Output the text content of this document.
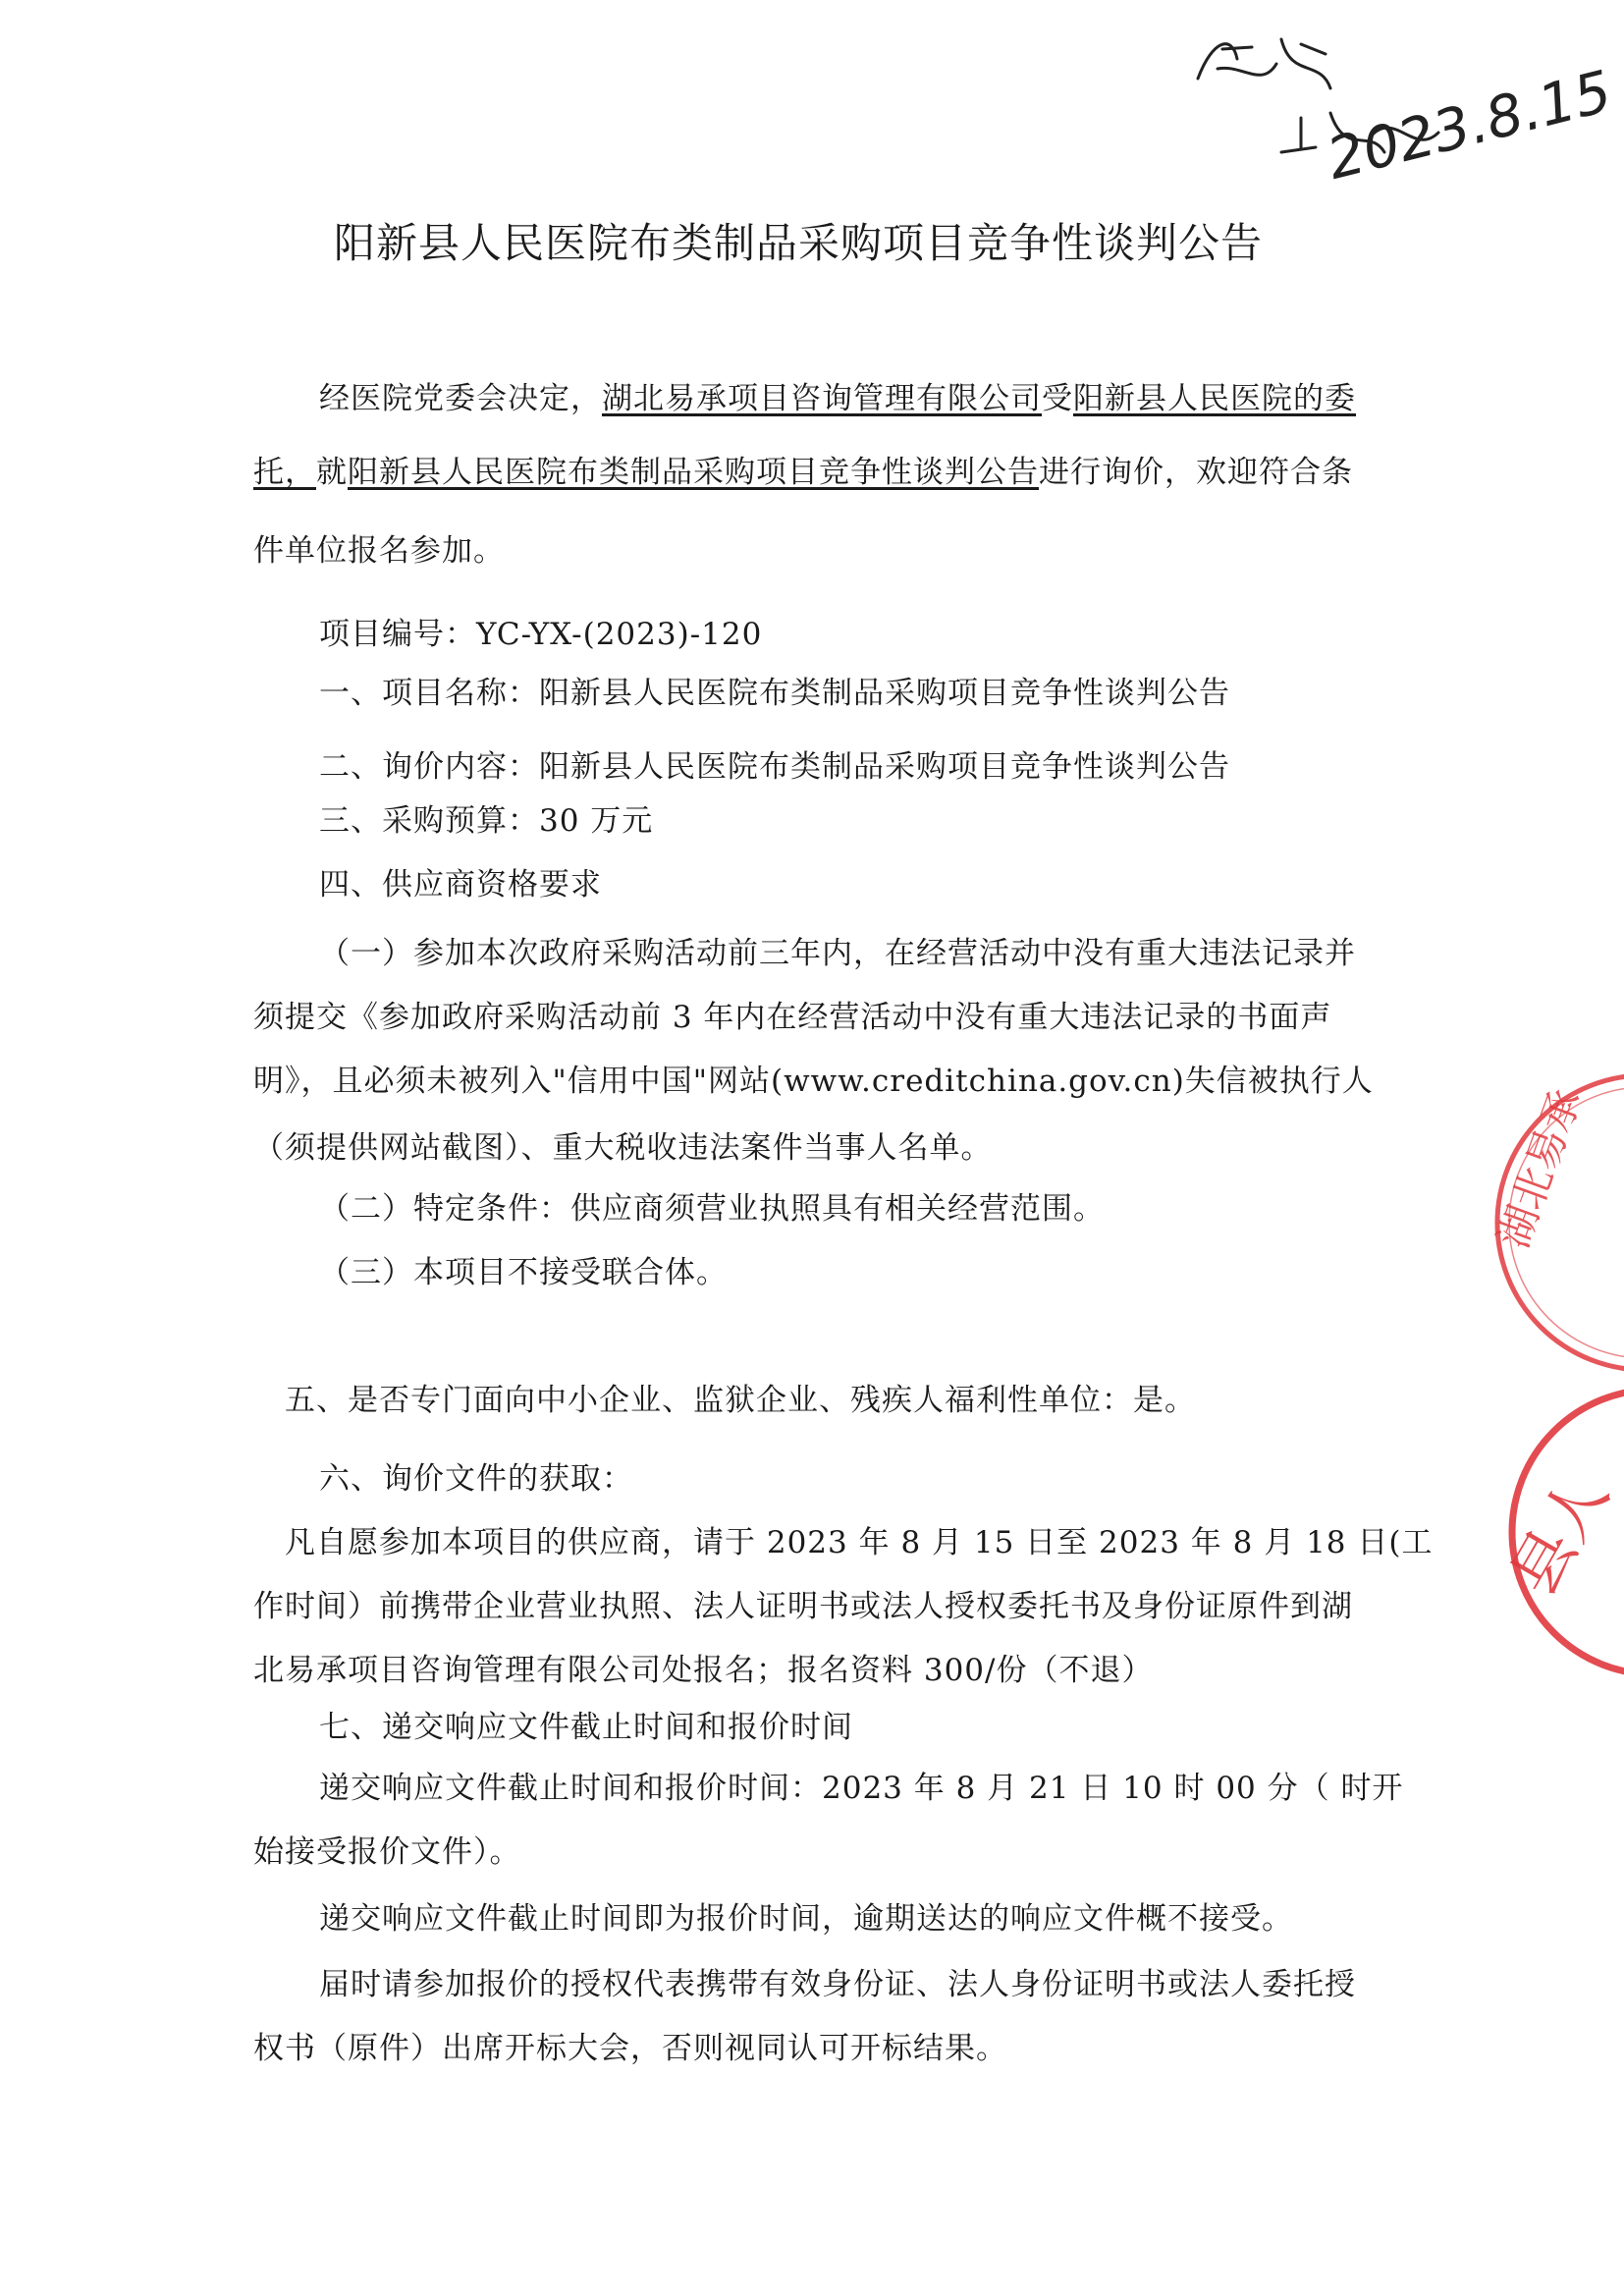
2023.8.15
阳新县人民医院布类制品采购项目竞争性谈判公告
经医院党委会决定，湖北易承项目咨询管理有限公司受阳新县人民医院的委
托，就阳新县人民医院布类制品采购项目竞争性谈判公告进行询价，欢迎符合条
件单位报名参加。
项目编号：YC-YX-(2023)-120
一、项目名称：阳新县人民医院布类制品采购项目竞争性谈判公告
二、询价内容：阳新县人民医院布类制品采购项目竞争性谈判公告
三、采购预算：30 万元
四、供应商资格要求
（一）参加本次政府采购活动前三年内，在经营活动中没有重大违法记录并
须提交《参加政府采购活动前 3 年内在经营活动中没有重大违法记录的书面声
明》，且必须未被列入"信用中国"网站(www.creditchina.gov.cn)失信被执行人
（须提供网站截图）、重大税收违法案件当事人名单。
（二）特定条件：供应商须营业执照具有相关经营范围。
（三）本项目不接受联合体。
五、是否专门面向中小企业、监狱企业、残疾人福利性单位：是。
六、询价文件的获取：
凡自愿参加本项目的供应商，请于 2023 年 8 月 15 日至 2023 年 8 月 18 日(工
作时间）前携带企业营业执照、法人证明书或法人授权委托书及身份证原件到湖
北易承项目咨询管理有限公司处报名；报名资料 300/份（不退）
七、递交响应文件截止时间和报价时间
递交响应文件截止时间和报价时间：2023 年 8 月 21 日 10 时 00 分（ 时开
始接受报价文件）。
递交响应文件截止时间即为报价时间，逾期送达的响应文件概不接受。
届时请参加报价的授权代表携带有效身份证、法人身份证明书或法人委托授
权书（原件）出席开标大会，否则视同认可开标结果。
湖北易承
县人
